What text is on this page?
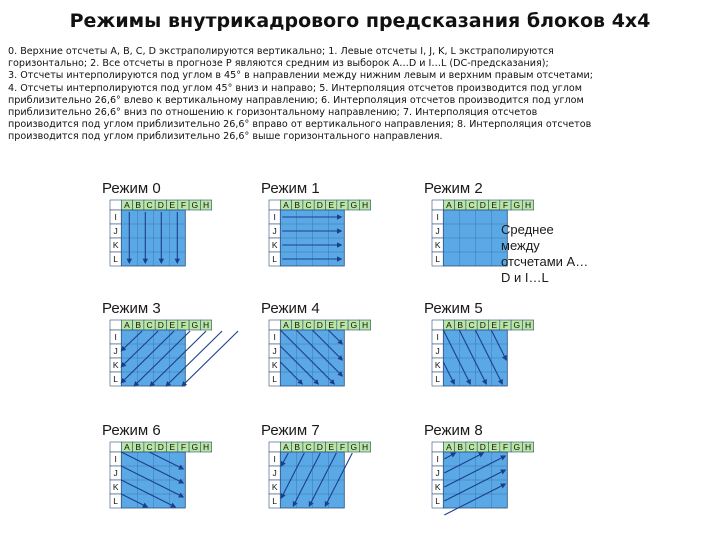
Режимы внутрикадрового предсказания блоков 4x4
0. Верхние отсчеты A, B, C, D экстраполируются вертикально; 1. Левые отсчеты I, J, K, L экстраполируются
горизонтально; 2. Все отсчеты в прогнозе P являются средним из выборок A…D и I…L (DC-предсказания);
3. Отсчеты интерполируются под углом в 45° в направлении между нижним левым и верхним правым отсчетами;
4. Отсчеты интерполируются под углом 45° вниз и направо; 5. Интерполяция отсчетов производится под углом
приблизительно 26,6° влево к вертикальному направлению; 6. Интерполяция отсчетов производится под углом
приблизительно 26,6° вниз по отношению к горизонтальному направлению; 7. Интерполяция отсчетов
производится под углом приблизительно 26,6° вправо от вертикального направления; 8. Интерполяция отсчетов
производится под углом приблизительно 26,6° выше горизонтального направления.
A B C D E F G H
I
J
K
L
Режим 0
A B C D E F G H
I
J
K
L
Режим 1
A B C D E F G H
I
J
K
L
Режим 2
Среднее между отсчетами A…D и I…L
A B C D E F G H
I
J
K
L
Режим 3
A B C D E F G H
I
J
K
L
Режим 4
A B C D E F G H
I
J
K
L
Режим 5
A B C D E F G H
I
J
K
L
Режим 6
A B C D E F G H
I
J
K
L
Режим 7
A B C D E F G H
I
J
K
L
Режим 8
